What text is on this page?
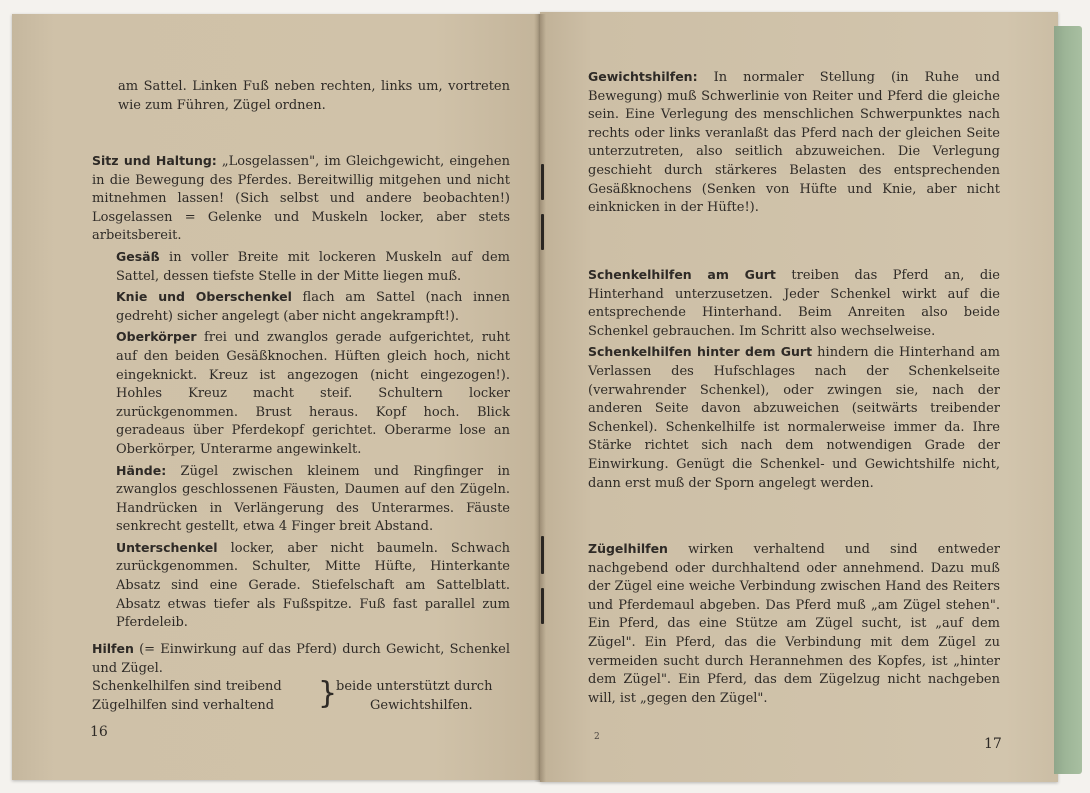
am Sattel. Linken Fuß neben rechten, links um, vortreten wie zum Führen, Zügel ordnen.

Sitz und Haltung: „Losgelassen", im Gleichgewicht, eingehen in die Bewegung des Pferdes. Bereitwillig mitgehen und nicht mitnehmen lassen! (Sich selbst und andere beobachten!) Losgelassen = Gelenke und Muskeln locker, aber stets arbeitsbereit.

Gesäß in voller Breite mit lockeren Muskeln auf dem Sattel, dessen tiefste Stelle in der Mitte liegen muß.

Knie und Oberschenkel flach am Sattel (nach innen gedreht) sicher angelegt (aber nicht angekrampft!).

Oberkörper frei und zwanglos gerade aufgerichtet, ruht auf den beiden Gesäßknochen. Hüften gleich hoch, nicht eingeknickt. Kreuz ist angezogen (nicht eingezogen!). Hohles Kreuz macht steif. Schultern locker zurückgenommen. Brust heraus. Kopf hoch. Blick geradeaus über Pferdekopf gerichtet. Oberarme lose an Oberkörper, Unterarme angewinkelt.

Hände: Zügel zwischen kleinem und Ringfinger in zwanglos geschlossenen Fäusten, Daumen auf den Zügeln. Handrücken in Verlängerung des Unterarmes. Fäuste senkrecht gestellt, etwa 4 Finger breit Abstand.

Unterschenkel locker, aber nicht baumeln. Schwach zurückgenommen. Schulter, Mitte Hüfte, Hinterkante Absatz sind eine Gerade. Stiefelschaft am Sattelblatt. Absatz etwas tiefer als Fußspitze. Fuß fast parallel zum Pferdeleib.

Hilfen (= Einwirkung auf das Pferd) durch Gewicht, Schenkel und Zügel.

Schenkelhilfen sind treibend
Zügelhilfen sind verhaltend	}
beide unterstützt durch
Gewichtshilfen.
16

Gewichtshilfen: In normaler Stellung (in Ruhe und Bewegung) muß Schwerlinie von Reiter und Pferd die gleiche sein. Eine Verlegung des menschlichen Schwerpunktes nach rechts oder links veranlaßt das Pferd nach der gleichen Seite unterzutreten, also seitlich abzuweichen. Die Verlegung geschieht durch stärkeres Belasten des entsprechenden Gesäßknochens (Senken von Hüfte und Knie, aber nicht einknicken in der Hüfte!).

Schenkelhilfen am Gurt treiben das Pferd an, die Hinterhand unterzusetzen. Jeder Schenkel wirkt auf die entsprechende Hinterhand. Beim Anreiten also beide Schenkel gebrauchen. Im Schritt also wechselweise.

Schenkelhilfen hinter dem Gurt hindern die Hinterhand am Verlassen des Hufschlages nach der Schenkelseite (verwahrender Schenkel), oder zwingen sie, nach der anderen Seite davon abzuweichen (seitwärts treibender Schenkel). Schenkelhilfe ist normalerweise immer da. Ihre Stärke richtet sich nach dem notwendigen Grade der Einwirkung. Genügt die Schenkel- und Gewichtshilfe nicht, dann erst muß der Sporn angelegt werden.

Zügelhilfen wirken verhaltend und sind entweder nachgebend oder durchhaltend oder annehmend. Dazu muß der Zügel eine weiche Verbindung zwischen Hand des Reiters und Pferdemaul abgeben. Das Pferd muß „am Zügel stehen". Ein Pferd, das eine Stütze am Zügel sucht, ist „auf dem Zügel". Ein Pferd, das die Verbindung mit dem Zügel zu vermeiden sucht durch Herannehmen des Kopfes, ist „hinter dem Zügel". Ein Pferd, das dem Zügelzug nicht nachgeben will, ist „gegen den Zügel".

2	17
